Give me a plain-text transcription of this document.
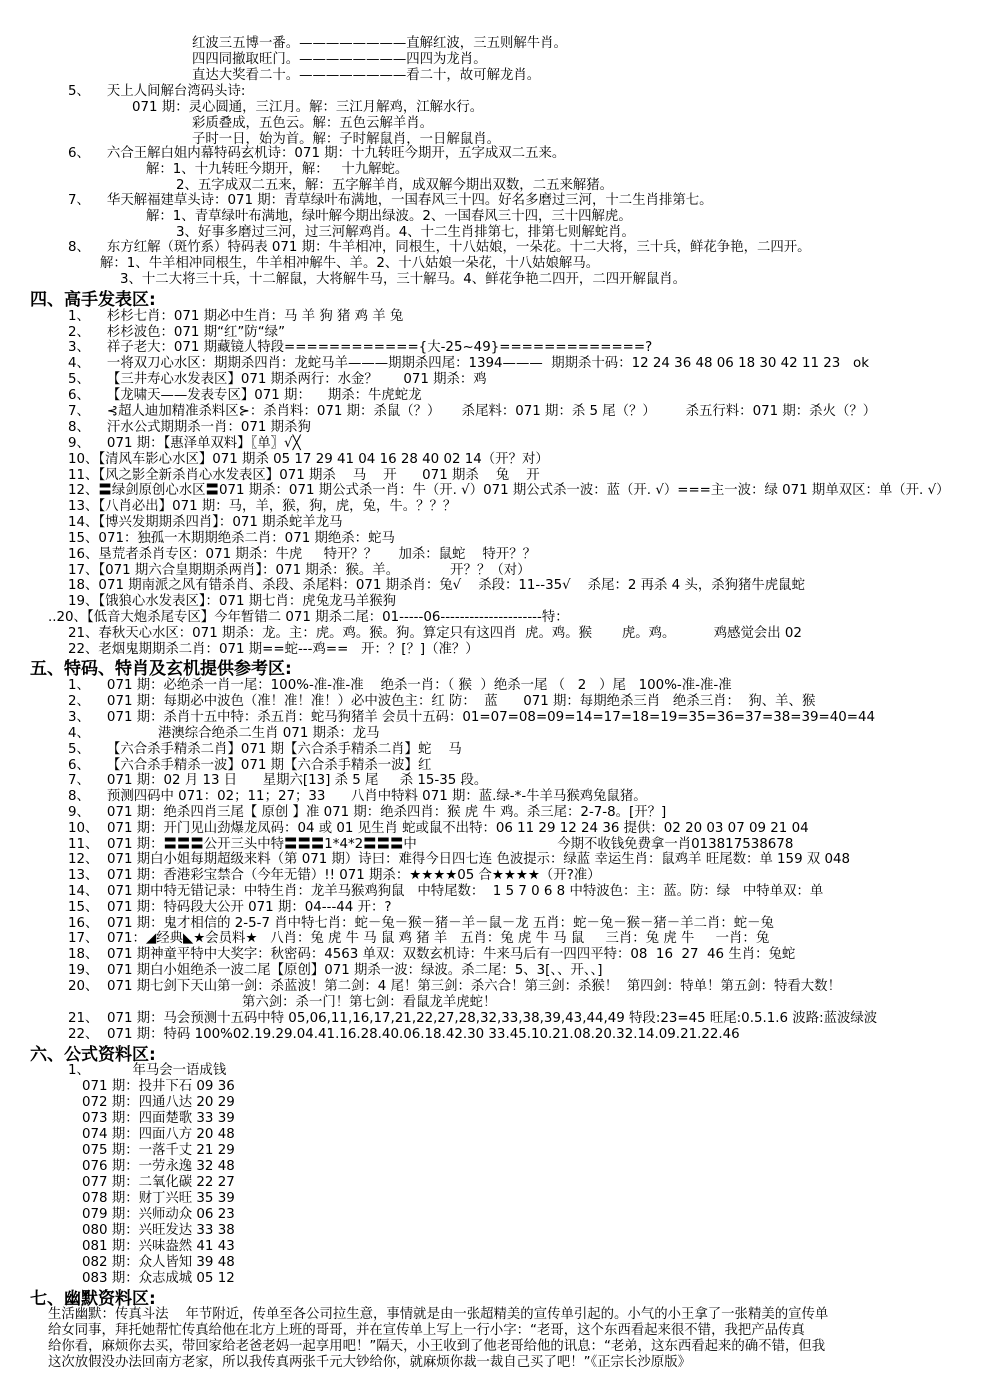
红波三五博一番。————————直解红波，三五则解牛肖。
四四同撤取旺门。————————四四为龙肖。
直达大奖看二十。————————看二十，故可解龙肖。
5、    天上人间解台湾码头诗:
071 期：灵心圆通，三江月。解：三江月解鸡，江解水行。
彩质叠成，五色云。解：五色云解羊肖。
子时一日，始为首。解：子时解鼠肖，一日解鼠肖。
6、    六合王解白姐内幕特码玄机诗：071 期：十九转旺今期开，五字成双二五来。
解：1、十九转旺今期开，解：   十九解蛇。
2、五字成双二五来，解：五字解羊肖，成双解今期出双数，二五来解猪。
7、    华天解福建草头诗：071 期：青草绿叶布满地，一国春风三十四。好名多磨过三河，十二生肖排第七。
解：1、青草绿叶布满地，绿叶解今期出绿波。2、一国春风三十四，三十四解虎。
3、好事多磨过三河，过三河解鸡肖。4、十二生肖排第七，排第七则解蛇肖。
8、    东方红解（斑竹系）特码表 071 期：牛羊相冲，同根生，十八姑娘，一朵花。十二大将，三十兵，鲜花争艳，二四开。
解：1、牛羊相冲同根生，牛羊相冲解牛、羊。2、十八姑娘一朵花，十八姑娘解马。
3、十二大将三十兵，十二解鼠，大将解牛马，三十解马。4、鲜花争艳二四开，二四开解鼠肖。
四、高手发表区:
1、    杉杉七肖：071 期必中生肖：马 羊 狗 猪 鸡 羊 兔
2、    杉杉波色：071 期“红”防“绿”
3、    祥子老大：071 期藏镜人特段============{大-25~49}=============?
4、    一将双刀心水区：期期杀四肖：龙蛇马羊———期期杀四尾：1394———  期期杀十码：12 24 36 48 06 18 30 42 11 23   ok
5、    【三井寿心水发表区】071 期杀两行：水金？      071 期杀：鸡
6、    【龙啸天——发表专区】071 期：    期杀：牛虎蛇龙
7、    ⊰超人迪加精准杀料区⊱：杀肖料：071 期：杀鼠（？）     杀尾料：071 期：杀 5 尾（？）       杀五行料：071 期：杀火（？）
8、    汗水公式期期杀一肖：071 期杀狗
9、    071 期：【惠泽单双料】〖单〗√╳
10、【清风车影心水区】071 期杀 05 17 29 41 04 16 28 40 02 14（开？对）
11、【风之影全新杀肖心水发表区】071 期杀    马    开      071 期杀    兔    开
12、〓绿剑原创心水区〓071 期杀：071 期公式杀一肖：牛（开. √）071 期公式杀一波：蓝（开. √）===主一波：绿 071 期单双区：单（开. √）
13、【八肖必出】071 期：马，羊，猴，狗，虎，兔，牛。？？？
14、【博兴发期期杀四肖】：071 期杀蛇羊龙马
15、071：独孤一木期期绝杀二肖：071 期绝杀：蛇马
16、垦荒者杀肖专区：071 期杀：牛虎     特开？？     加杀：鼠蛇    特开？？
17、【071 期六合皇期期杀两肖】：071 期杀：猴。羊。            开？？（对）
18、071 期南派之风有错杀肖、杀段、杀尾料：071 期杀肖：兔√    杀段：11--35√    杀尾：2 再杀 4 头，杀狗猪牛虎鼠蛇
19、【饿狼心水发表区】：071 期七肖：虎兔龙马羊猴狗
..20、【低音大炮杀尾专区】今年暂错二 071 期杀二尾：01-----06---------------------特：
21、春秋天心水区：071 期杀：龙。主：虎。鸡。猴。狗。算定只有这四肖  虎。鸡。猴       虎。鸡。         鸡感觉会出 02
22、老烟鬼期期杀二肖：071 期==蛇---鸡==   开：？[？]（准？）
五、特码、特肖及玄机提供参考区:
1、    071 期：必绝杀一肖一尾：100%-准-准-准    绝杀一肖：（ 猴  ）绝杀一尾 （   2   ）尾   100%-准-准-准
2、    071 期：每期必中波色（准！准！准！）必中波色主：红 防：  蓝      071 期：每期绝杀三肖   绝杀三肖：  狗、羊、猴
3、    071 期：杀肖十五中特：杀五肖：蛇马狗猪羊 会员十五码：01=07=08=09=14=17=18=19=35=36=37=38=39=40=44
4、                港澳综合绝杀二生肖 071 期杀：龙马
5、    【六合杀手精杀二肖】071 期【六合杀手精杀二肖】蛇    马
6、    【六合杀手精杀一波】071 期【六合杀手精杀一波】红
7、    071 期：02 月 13 日      星期六[13] 杀 5 尾     杀 15-35 段。
8、    预测四码中 071：02；11；27；33      八肖中特料 071 期：蓝.绿-*-牛羊马猴鸡兔鼠猪。
9、    071 期：绝杀四肖三尾【 原创 】准 071 期：绝杀四肖：猴 虎 牛 鸡。杀三尾：2-7-8。[开？]
10、  071 期：开门见山劲爆龙凤码：04 或 01 见生肖 蛇或鼠不出特：06 11 29 12 24 36 提供：02 20 03 07 09 21 04
11、  071 期：〓〓〓公开三头中特〓〓〓1*4*2〓〓〓中                                 今期不收钱免费拿一肖013817538678
12、  071 期白小姐每期超级来料（第 071 期）诗曰：难得今日四七连 色波提示：绿蓝 幸运生肖：鼠鸡羊 旺尾数：单 159 双 048
13、  071 期：香港彩宝禁合（今年无错）!! 071 期杀：★★★★05 合★★★★（开?准）
14、  071 期中特无错记录：中特生肖：龙羊马猴鸡狗鼠   中特尾数：  1 5 7 0 6 8 中特波色：主：蓝。防：绿   中特单双：单
15、  071 期：特码段大公开 071 期：04---44 开：?
16、  071 期：鬼才相信的 2-5-7 肖中特七肖：蛇－兔－猴－猪－羊－鼠－龙 五肖：蛇－兔－猴－猪－羊二肖：蛇－兔
17、  071：◢经典◣★会员料★   八肖：兔 虎 牛 马 鼠 鸡 猪 羊   五肖：兔 虎 牛 马 鼠     三肖：兔 虎 牛     一肖：兔
18、  071 期神童平特中大奖字：秋密码：4563 单双：双数玄机诗：牛来马后有一四四平特：08  16  27  46 生肖：兔蛇
19、  071 期白小姐绝杀一波二尾【原创】071 期杀一波：绿波。杀二尾：5、3[、、开、、]
20、  071 期七剑下天山第一剑：杀蓝波！第二剑：4 尾！第三剑：杀六合！第三剑：杀猴！  第四剑：特单！第五剑：特看大数！
第六剑：杀一门！第七剑：看鼠龙羊虎蛇！
21、  071 期：马会预测十五码中特 05,06,11,16,17,21,22,27,28,32,33,38,39,43,44,49 特段:23=45 旺尾:0.5.1.6 波路:蓝波绿波
22、  071 期：特码 100%02.19.29.04.41.16.28.40.06.18.42.30 33.45.10.21.08.20.32.14.09.21.22.46
六、公式资料区:
1、          年马会一语成钱
071 期：投井下石 09 36
072 期：四通八达 20 29
073 期：四面楚歌 33 39
074 期：四面八方 20 48
075 期：一落千丈 21 29
076 期：一劳永逸 32 48
077 期：二氧化碳 22 27
078 期：财丁兴旺 35 39
079 期：兴师动众 06 23
080 期：兴旺发达 33 38
081 期：兴味盎然 41 43
082 期：众人皆知 39 48
083 期：众志成城 05 12
七、幽默资料区:
生活幽默：传真斗法    年节附近，传单至各公司拉生意，事情就是由一张超精美的宣传单引起的。小气的小王拿了一张精美的宣传单
给女同事，拜托她帮忙传真给他在北方上班的哥哥，并在宣传单上写上一行小字：“老哥，这个东西看起来很不错，我把产品传真
给你看，麻烦你去买，带回家给老爸老妈一起享用吧！”隔天，小王收到了他老哥给他的讯息：“老弟，这东西看起来的确不错，但我
这次放假没办法回南方老家，所以我传真两张千元大钞给你，就麻烦你裁一裁自己买了吧！”《正宗长沙原版》
